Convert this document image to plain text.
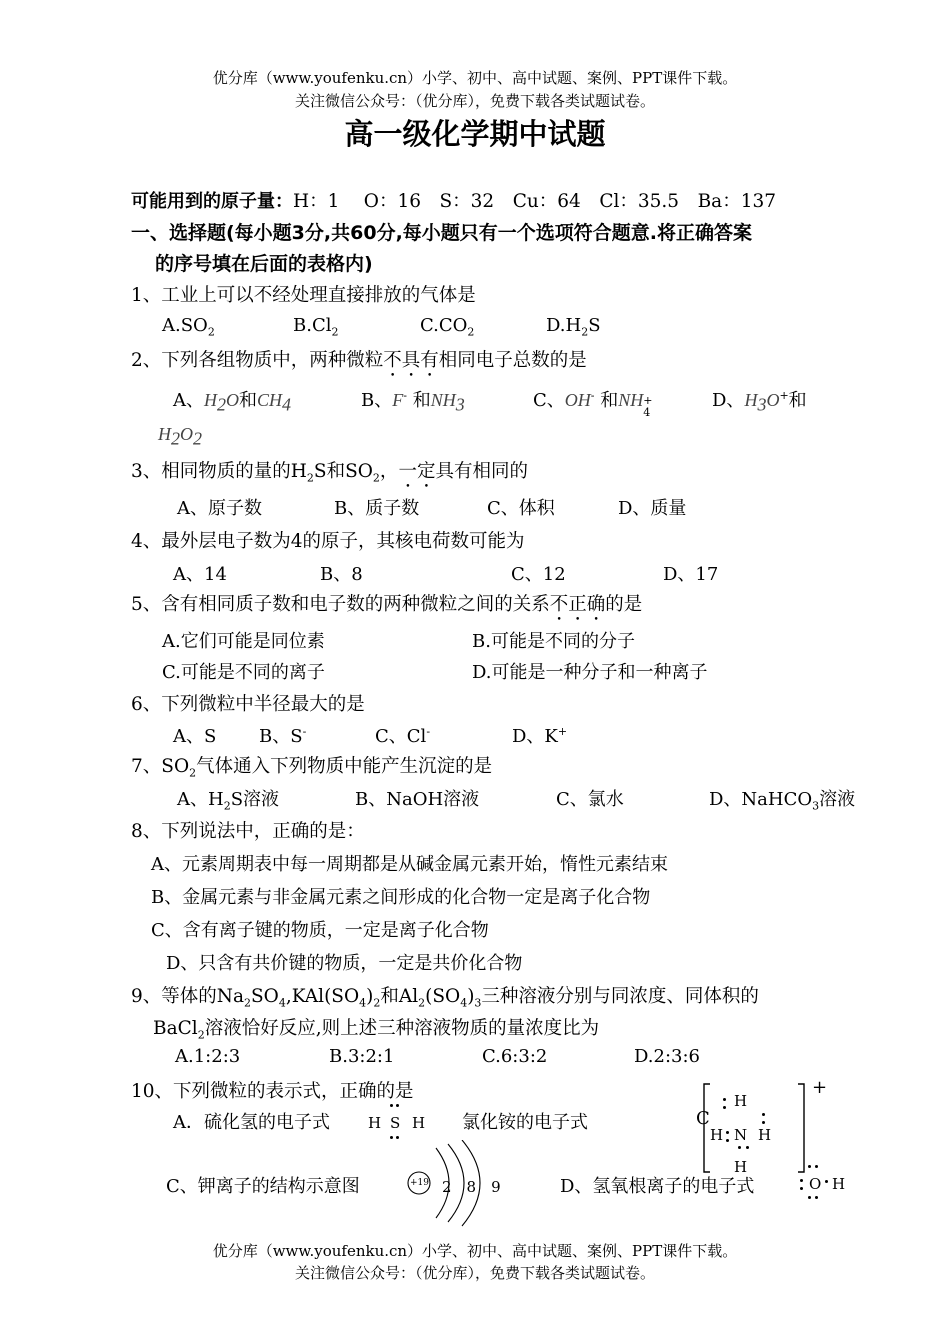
优分库（www.youfenku.cn）小学、初中、高中试题、案例、PPT课件下载。
关注微信公众号：（优分库），免费下载各类试题试卷。
高一级化学期中试题
可能用到的原子量：H：1　 O：16　S：32　Cu：64　Cl：35.5　Ba：137
一、选择题(每小题3分,共60分,每小题只有一个选项符合题意.将正确答案
的序号填在后面的表格内)
1、工业上可以不经处理直接排放的气体是
$A.SO_2$	$B.Cl_2$	$C.CO_2$	$D.H_2S$
2、下列各组物质中，两种微粒不具有相同电子总数的是
A、$H_2O$和$CH_4$	B、F- 和$NH_3$	C、OH- 和NH +
4
D、$H_3O^+$和
$H_2O_2$
3、相同物质的量的$H_2S$和$SO_2$，一定具有相同的
A、原子数	B、质子数	C、体积	D、质量
4、最外层电子数为4的原子，其核电荷数可能为
A、14	B、8	C、12	D、17
5、含有相同质子数和电子数的两种微粒之间的关系不正确的是
A.它们可能是同位素	B.可能是不同的分子
C.可能是不同的离子	D.可能是一种分子和一种离子
6、下列微粒中半径最大的是
A、S B、S-	C、Cl-	D、K+
7、$SO_2$气体通入下列物质中能产生沉淀的是
A、$H_2S$溶液	B、NaOH溶液	C、氯水	D、NaHCO$_3$溶液
8、下列说法中，正确的是：
A、元素周期表中每一周期都是从碱金属元素开始，惰性元素结束
B、金属元素与非金属元素之间形成的化合物一定是离子化合物
C、含有离子键的物质，一定是离子化合物
D、只含有共价键的物质，一定是共价化合物
9、等体的$Na_2SO_4,KAl(SO_4)_2$和$Al_2(SO_4)_3$三种溶液分别与同浓度、同体积的
BaCl$_2$溶液恰好反应,则上述三种溶液物质的量浓度比为
A.1:2:3	B.3:2:1	C.6:3:2	D.2:3:6
10、下列微粒的表示式，正确的是
A．硫化氢的电子式	H S H 氯化铵的电子式	C
+
H
H N H
H
C、钾离子的结构示意图	+19 2　8　9	D、氢氧根离子的电子式	O H
优分库（www.youfenku.cn）小学、初中、高中试题、案例、PPT课件下载。
关注微信公众号：（优分库），免费下载各类试题试卷。
